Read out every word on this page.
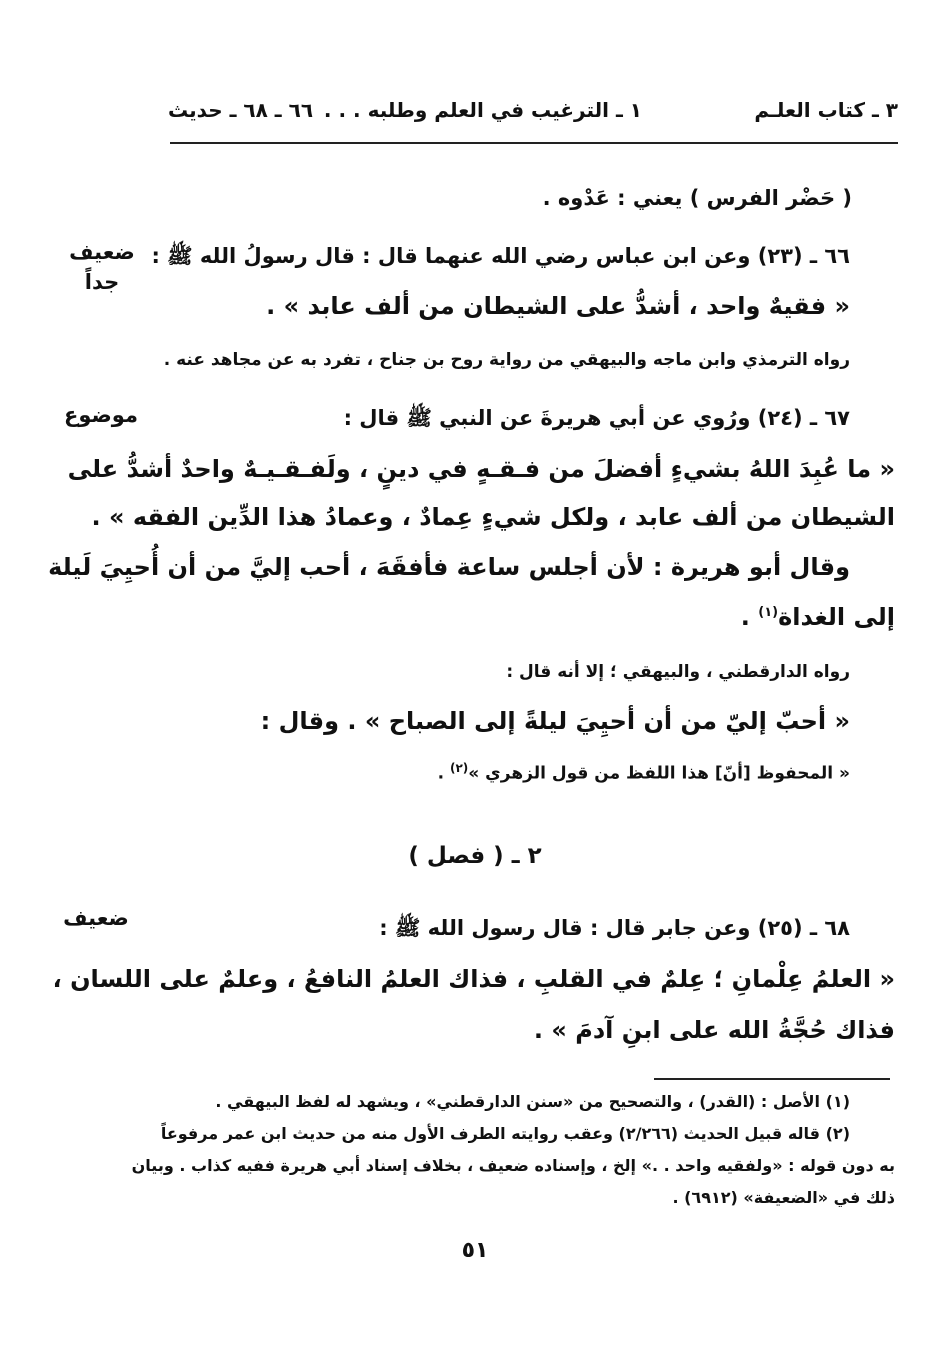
٣ ـ كتاب العلـم
١ ـ الترغيب في العلم وطلبه . . .
٦٦ ـ ٦٨ ـ حديث
( حَضْر الفرس ) يعني : عَدْوه .
ضعيف
جداً
٦٦ ـ (٢٣) وعن ابن عباس رضي الله عنهما قال : قال رسولُ الله ﷺ :
« فقيهٌ واحد ، أشدُّ على الشيطان من ألف عابد » .
رواه الترمذي وابن ماجه والبيهقي من رواية روح بن جناح ، تفرد به عن مجاهد عنه .
موضوع	٦٧ ـ (٢٤) ورُوي عن أبي هريرةَ عن النبي ﷺ قال :
« ما عُبِدَ اللهُ بشيءٍ أفضلَ من فـقـهٍ في دينٍ ، ولَفـقـيـهٌ واحدٌ أشدُّ على
الشيطان من ألف عابد ، ولكل شيءٍ عِمادٌ ، وعمادُ هذا الدِّين الفقه » .
وقال أبو هريرة : لأن أجلس ساعة فأفقَهَ ، أحب إليَّ من أن أُحيِيَ لَيلة
إلى الغداة$^{(١)}$ .
رواه الدارقطني ، والبيهقي ؛ إلا أنه قال :
« أحبّ إليّ من أن أحيِيَ ليلةً إلى الصباح » . وقال :
« المحفوظ [أنّ] هذا اللفظ من قول الزهري »$^{(٢)}$ .
٢ ـ ( فصل )
ضعيف	٦٨ ـ (٢٥) وعن جابر قال : قال رسول الله ﷺ :
« العلمُ عِلْمانِ ؛ عِلمٌ في القلبِ ، فذاك العلمُ النافعُ ، وعلمٌ على اللسان ،
فذاك حُجَّةُ الله على ابنِ آدمَ » .
(١) الأصل : (القدر) ، والتصحيح من «سنن الدارقطني» ، ويشهد له لفظ البيهقي .
(٢) قاله قبيل الحديث (٢/٢٦٦) وعقب روايته الطرف الأول منه من حديث ابن عمر مرفوعاً
به دون قوله : «ولفقيه واحد . .» إلخ ، وإسناده ضعيف ، بخلاف إسناد أبي هريرة ففيه كذاب . وبيان
ذلك في «الضعيفة» (٦٩١٢) .
٥١
